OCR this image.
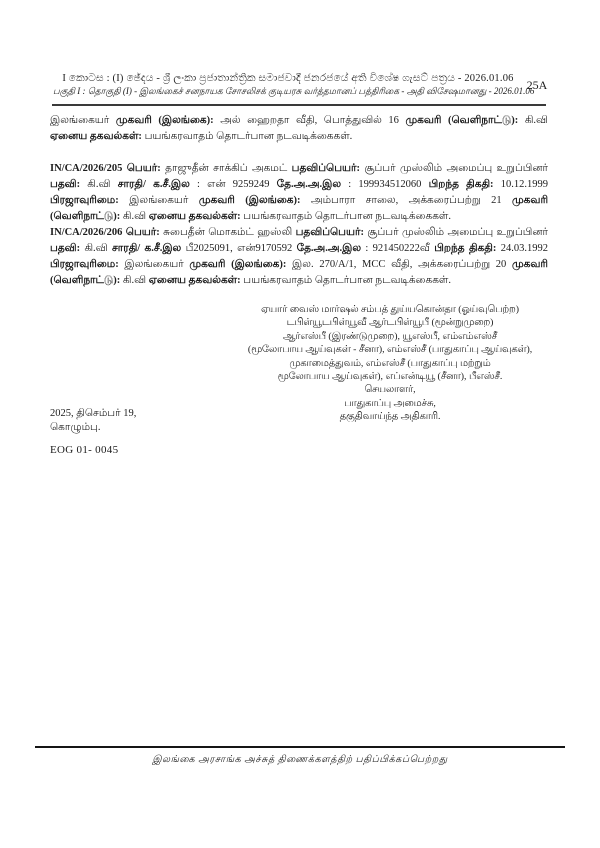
I කොටස : (I) ඡේදය - ශ්‍රී ලංකා ප්‍රජාතාන්ත්‍රික සමාජවාදී ජනරජයේ අති විශේෂ ගැසට් පත්‍රය - 2026.01.06
பகுதி I : தொகுதி (I) - இலங்கைச் சனநாயக சோசலிசக் குடியரசு வர்த்தமானப் பத்திரிகை - அதி விசேஷமானது - 2026.01.06
25A
இலங்கையர் முகவரி (இலங்கை): அல் ஹைறதா வீதி, பொத்துவில் 16 முகவரி (வெளிநாட்டு): கி.வி ஏனைய தகவல்கள்: பயங்கரவாதம் தொடர்பான நடவடிக்கைகள்.
IN/CA/2026/205 பெயர்: தாஜுதீன் சாக்கிப் அகமட் பதவிப்பெயர்: சூப்பர் முஸ்லிம் அமைப்பு உறுப்பினர் பதவி: கி.வி சாரதி/ க.சீ.இல : என் 9259249 தே.அ.அ.இல : 199934512060 பிறந்த திகதி: 10.12.1999 பிரஜாவுரிமை: இலங்கையர் முகவரி (இலங்கை): அம்பாரா சாலை, அக்கரைப்பற்று 21 முகவரி (வெளிநாட்டு): கி.வி ஏனைய தகவல்கள்: பயங்கரவாதம் தொடர்பான நடவடிக்கைகள்.
IN/CA/2026/206 பெயர்: சுபைதீன் மொகம்ட் ஹஸ்லி பதவிப்பெயர்: சூப்பர் முஸ்லிம் அமைப்பு உறுப்பினர் பதவி: கி.வி சாரதி/ க.சீ.இல பீ2025091, என்9170592 தே.அ.அ.இல : 921450222வீ பிறந்த திகதி: 24.03.1992 பிரஜாவுரிமை: இலங்கையர் முகவரி (இலங்கை): இல. 270/A/1, MCC வீதி, அக்கரைப்பற்று 20 முகவரி (வெளிநாட்டு): கி.வி ஏனைய தகவல்கள்: பயங்கரவாதம் தொடர்பான நடவடிக்கைகள்.
ஏயார் வைஸ் மார்ஷல் சம்பத் துய்யகொன்தா (ஓய்வுபெற்ற)
டபிள்யூடபிள்யூவீ ஆர்டபிள்யூபீ (மூன்றுமுறை)
ஆர்எஸ்பீ (இரண்டுமுறை), யூஎஸ்பீ, எம்எம்எஸ்சீ
(மூலோபாய ஆய்வுகள் - சீனா), எம்எஸ்சீ (பாதுகாப்பு ஆய்வுகள்),
முகாமைத்துவம், எம்எஸ்சீ (பாதுகாப்பு மற்றும்
மூலோபாய ஆய்வுகள்), எப்என்டியூ (சீனா), பீஎஸ்சீ.
செயலாளர்,
பாதுகாப்பு அமைச்சு,
தகுதிவாய்ந்த அதிகாரி.
2025, திசெம்பர் 19,
கொழும்பு.
EOG 01- 0045
இலங்கை அரசாங்க அச்சுத் திணைக்களத்திற் பதிப்பிக்கப்பெற்றது
